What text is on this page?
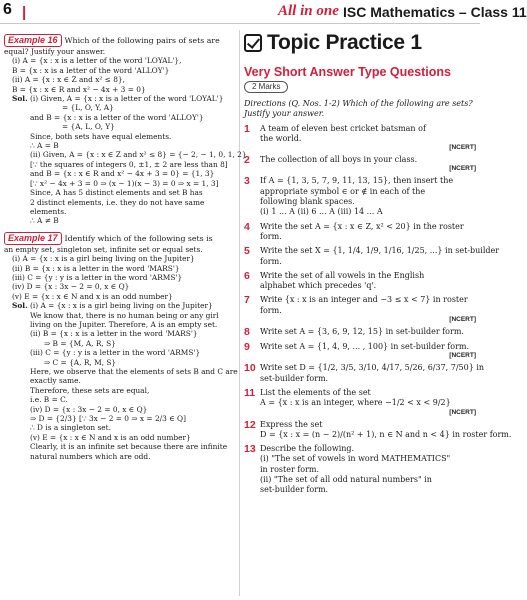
6 |	All in one ISC Mathematics – Class 11
Example 16 Which of the following pairs of sets are

equal? Justify your answer.

(i) A = {x : x is a letter of the word 'LOYAL'},

B = {x : x is a letter of the word 'ALLOY'}

(ii) A = {x : x ∈ Z and x² ≤ 8},

B = {x : x ∈ R and x² − 4x + 3 = 0}

Sol. (i) Given, A = {x : x is a letter of the word 'LOYAL'}

= {L, O, Y, A}

and B = {x : x is a letter of the word 'ALLOY'}

= {A, L, O, Y}

Since, both sets have equal elements.

∴ A = B

(ii) Given, A = {x : x ∈ Z and x² ≤ 8} = {− 2, − 1, 0, 1, 2}

[∵ the squares of integers 0, ±1, ± 2 are less than 8]

and B = {x : x ∈ R and x² − 4x + 3 = 0} = {1, 3}

[∵ x² − 4x + 3 = 0 ⇒ (x − 1)(x − 3) = 0 ⇒ x = 1, 3]

Since, A has 5 distinct elements and set B has

2 distinct elements, i.e. they do not have same

elements.

∴ A ≠ B

Example 17 Identify which of the following sets is

an empty set, singleton set, infinite set or equal sets.

(i) A = {x : x is a girl being living on the Jupiter}

(ii) B = {x : x is a letter in the word 'MARS'}

(iii) C = {y : y is a letter in the word 'ARMS'}

(iv) D = {x : 3x − 2 = 0, x ∈ Q}

(v) E = {x : x ∈ N and x is an odd number}

Sol. (i) A = {x : x is a girl being living on the Jupiter}

We know that, there is no human being or any girl

living on the Jupiter. Therefore, A is an empty set.

(ii) B = {x : x is a letter in the word 'MARS'}

⇒ B = {M, A, R, S}

(iii) C = {y : y is a letter in the word 'ARMS'}

⇒ C = {A, R, M, S}

Here, we observe that the elements of sets B and C are

exactly same.

Therefore, these sets are equal,

i.e. B = C.

(iv) D = {x : 3x − 2 = 0, x ∈ Q}

⇒ D = {2/3} [∵ 3x − 2 = 0 ⇒ x = 2/3 ∈ Q]

∴ D is a singleton set.

(v) E = {x : x ∈ N and x is an odd number}

Clearly, it is an infinite set because there are infinite

natural numbers which are odd.

Topic Practice 1
Very Short Answer Type Questions
2 Marks

Directions (Q. Nos. 1-2) Which of the following are sets? Justify your answer.

1	A team of eleven best cricket batsman of
the world.
[NCERT]
2	The collection of all boys in your class.
[NCERT]
3	If A = {1, 3, 5, 7, 9, 11, 13, 15}, then insert the
appropriate symbol ∈ or ∉ in each of the
following blank spaces.
(i) 1 ... A (ii) 6 ... A (iii) 14 ... A
4	Write the set A = {x : x ∈ Z, x² < 20} in the roster
form.
5	Write the set X = {1, 1/4, 1/9, 1/16, 1/25, ...} in set-builder
form.
6	Write the set of all vowels in the English
alphabet which precedes 'q'.
7	Write {x : x is an integer and −3 ≤ x < 7} in roster
form.
[NCERT]
8	Write set A = {3, 6, 9, 12, 15} in set-builder form.
9	Write set A = {1, 4, 9, ... , 100} in set-builder form.
[NCERT]
10 Write set D = {1/2, 3/5, 3/10, 4/17, 5/26, 6/37, 7/50} in
set-builder form.
11 List the elements of the set
A = {x : x is an integer, where −1/2 < x < 9/2}
[NCERT]
12 Express the set
D = {x : x = (n − 2)/(n² + 1), n ∈ N and n < 4} in roster form.
13 Describe the following.
(i) "The set of vowels in word MATHEMATICS"
in roster form.
(ii) "The set of all odd natural numbers" in
set-builder form.
